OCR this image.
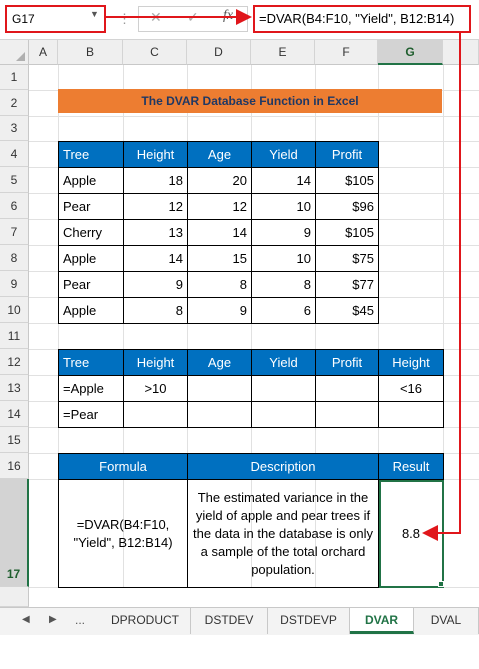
G17	▼ ⋮ ✕ ✓ fx	=DVAR(B4:F10, "Yield", B12:B14)
A	B	C	D	E	F	G
1
2
3
4
5
6
7
8
9
10
11
12
13
14
15
16
17
The DVAR Database Function in Excel
Tree	Height	Age	Yield	Profit
Apple	18	20	14	$105
Pear	12	12	10	$96
Cherry	13	14	9	$105
Apple	14	15	10	$75
Pear	9	8	8	$77
Apple	8	9	6	$45
Tree	Height	Age	Yield	Profit	Height
=Apple	>10				<16
=Pear					
Formula	Description	Result
=DVAR(B4:F10, "Yield", B12:B14)	The estimated variance in the yield of apple and pear trees if the data in the database is only a sample of the total orchard population.	8.8
◀ ▶ ...	DPRODUCT	DSTDEV	DSTDEVP	DVAR	DVAL
